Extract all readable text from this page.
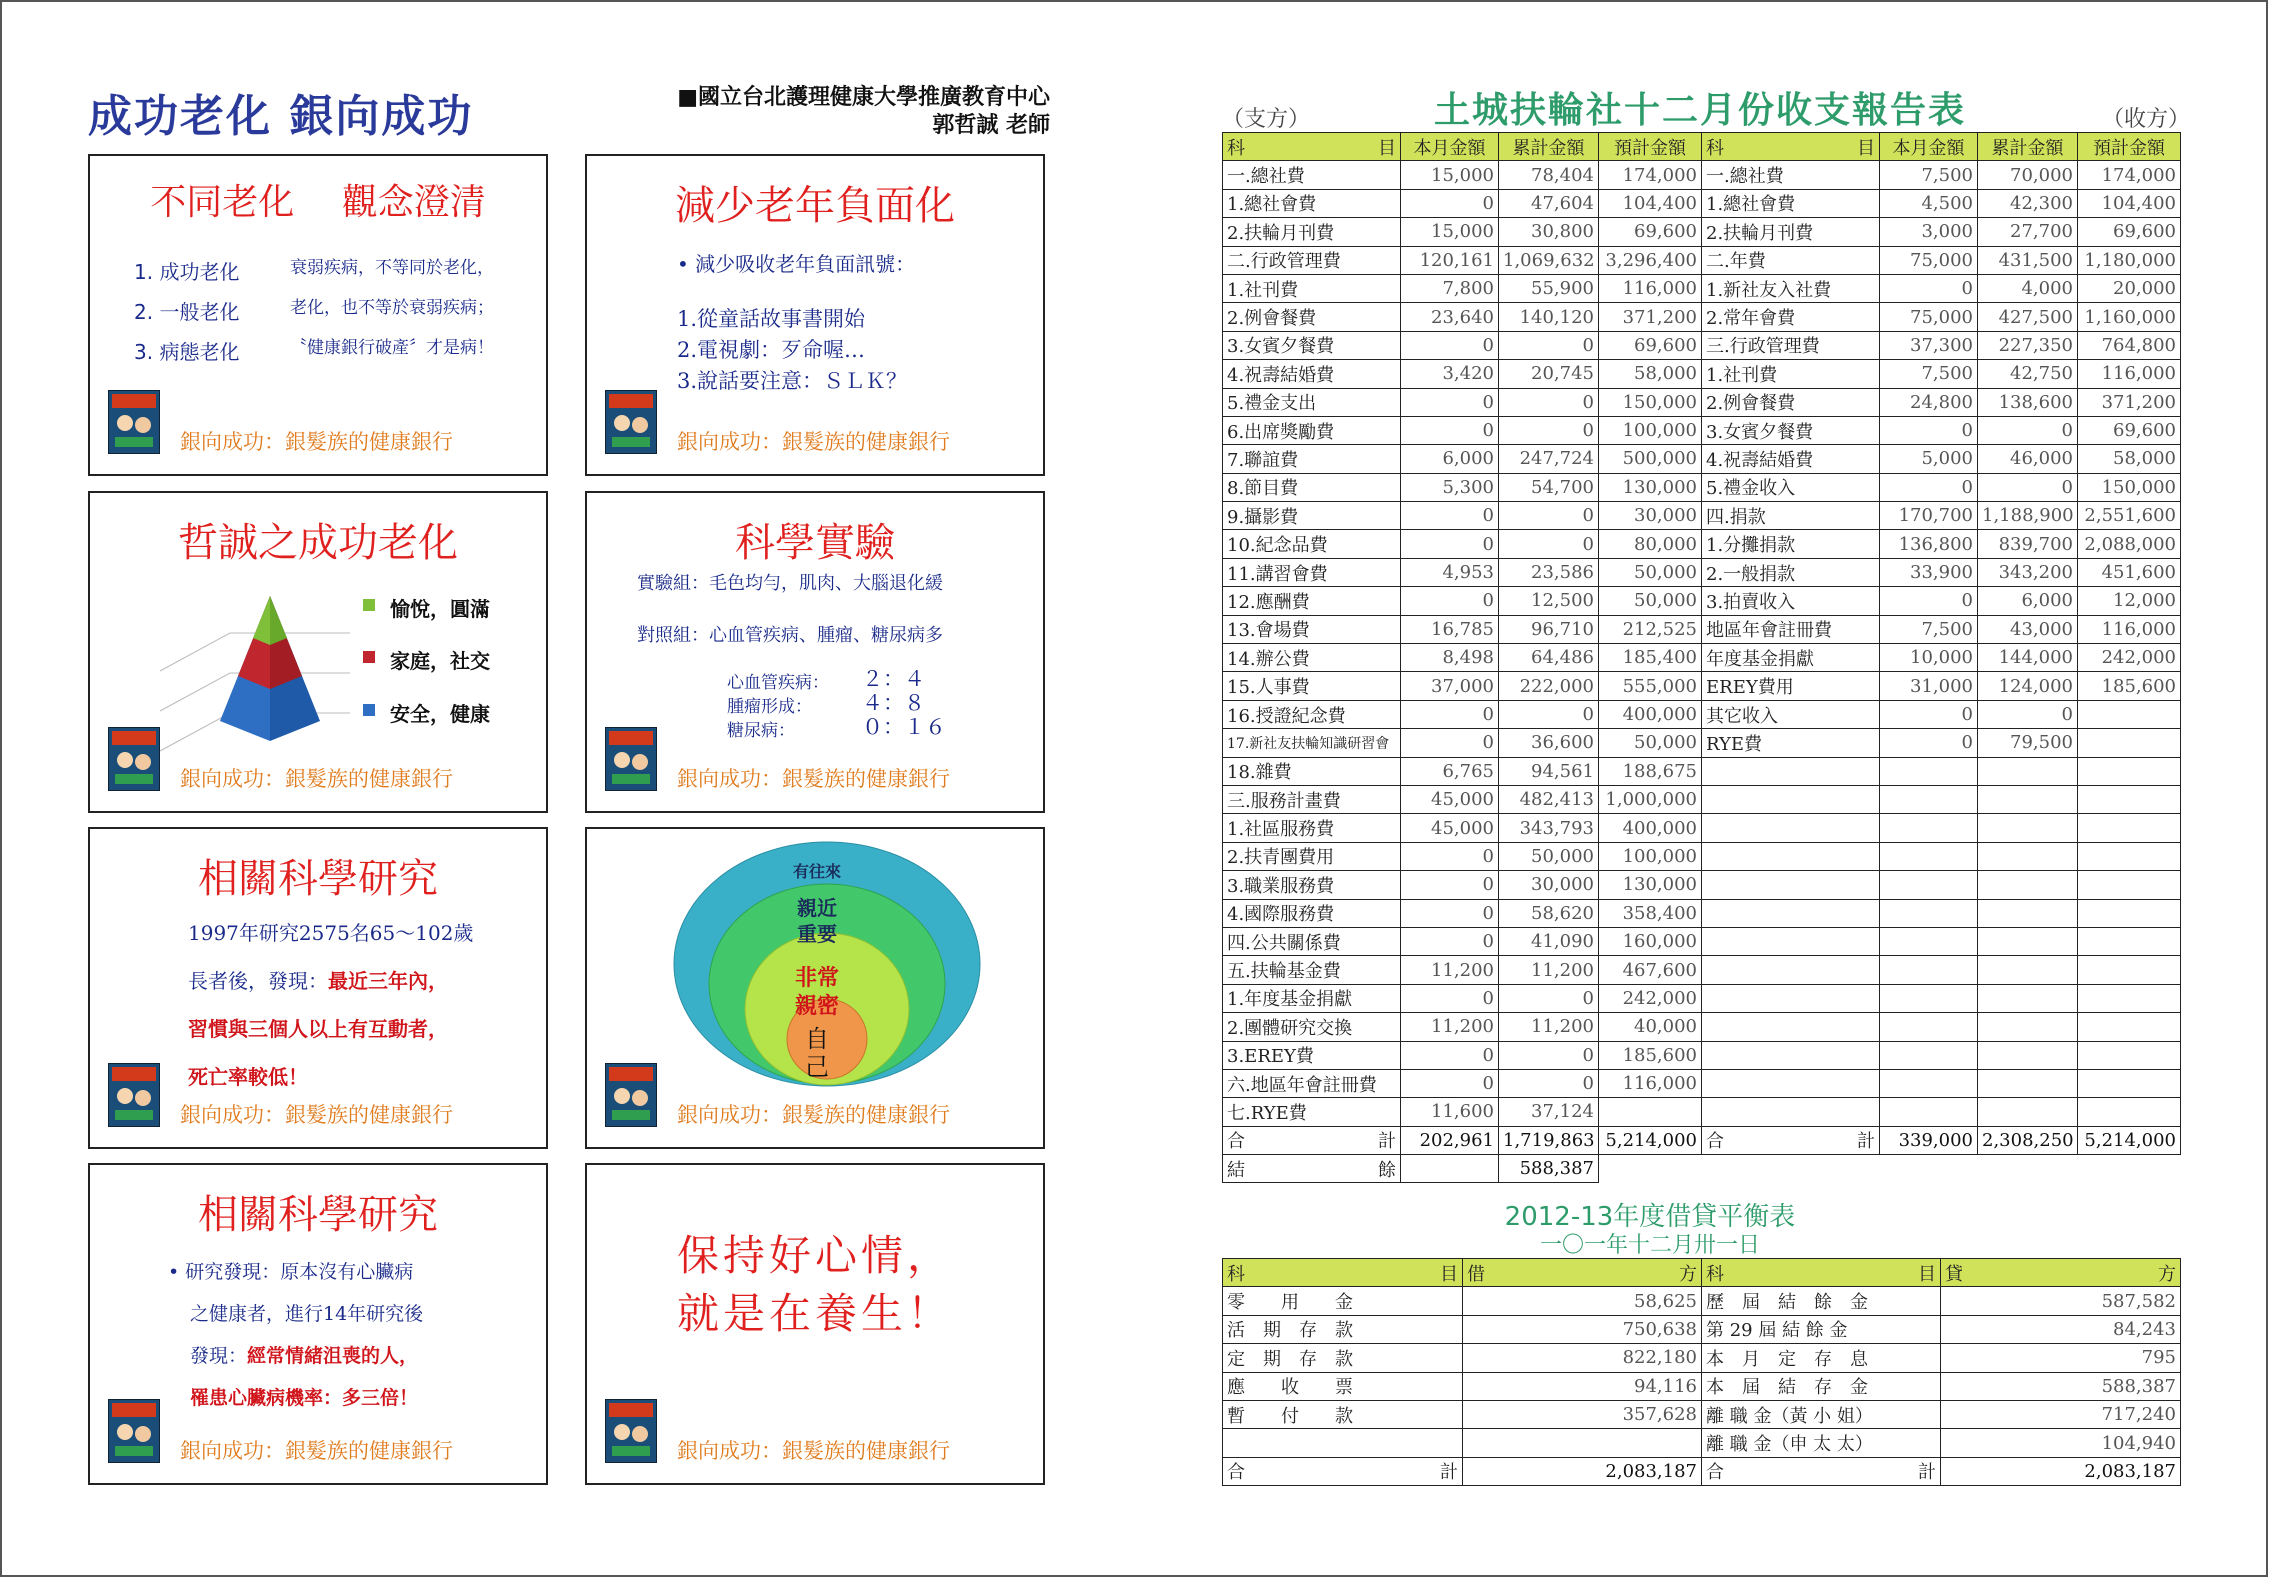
成功老化 銀向成功	■國立台北護理健康大學推廣教育中心
郭哲誠 老師
不同老化　 觀念澄清
1. 成功老化
2. 一般老化
3. 病態老化
衰弱疾病，不等同於老化，
老化，也不等於衰弱疾病；
〝健康銀行破產〞才是病！
銀向成功：銀髮族的健康銀行
減少老年負面化
• 減少吸收老年負面訊號：
1.從童話故事書開始
2.電視劇：歹命喔…
3.說話要注意：ＳＬＫ？
銀向成功：銀髮族的健康銀行
哲誠之成功老化
愉悅，圓滿
家庭，社交
安全，健康
銀向成功：銀髮族的健康銀行
科學實驗
實驗組：毛色均勻，肌肉、大腦退化緩
對照組：心血管疾病、腫瘤、糖尿病多
心血管疾病：
腫瘤形成：
糖尿病：
２：４
４：８
０：１６
銀向成功：銀髮族的健康銀行
相關科學研究
1997年研究2575名65～102歲
長者後，發現：最近三年內，
習慣與三個人以上有互動者，
死亡率較低！
銀向成功：銀髮族的健康銀行
有往來
親近
重要
非常
親密
自
己
銀向成功：銀髮族的健康銀行
相關科學研究
• 研究發現：原本沒有心臟病
之健康者，進行14年研究後
發現：經常情緒沮喪的人，
罹患心臟病機率：多三倍！
銀向成功：銀髮族的健康銀行
保持好心情，
就是在養生！
銀向成功：銀髮族的健康銀行
（支方）	土城扶輪社十二月份收支報告表	（收方）
科 目	本月金額	累計金額	預計金額	科 目	本月金額	累計金額	預計金額
一.總社費	15,000	78,404	174,000	一.總社費	7,500	70,000	174,000
1.總社會費	0	47,604	104,400	1.總社會費	4,500	42,300	104,400
2.扶輪月刊費	15,000	30,800	69,600	2.扶輪月刊費	3,000	27,700	69,600
二.行政管理費	120,161	1,069,632	3,296,400	二.年費	75,000	431,500	1,180,000
1.社刊費	7,800	55,900	116,000	1.新社友入社費	0	4,000	20,000
2.例會餐費	23,640	140,120	371,200	2.常年會費	75,000	427,500	1,160,000
3.女賓夕餐費	0	0	69,600	三.行政管理費	37,300	227,350	764,800
4.祝壽結婚費	3,420	20,745	58,000	1.社刊費	7,500	42,750	116,000
5.禮金支出	0	0	150,000	2.例會餐費	24,800	138,600	371,200
6.出席獎勵費	0	0	100,000	3.女賓夕餐費	0	0	69,600
7.聯誼費	6,000	247,724	500,000	4.祝壽結婚費	5,000	46,000	58,000
8.節目費	5,300	54,700	130,000	5.禮金收入	0	0	150,000
9.攝影費	0	0	30,000	四.捐款	170,700	1,188,900	2,551,600
10.紀念品費	0	0	80,000	1.分攤捐款	136,800	839,700	2,088,000
11.講習會費	4,953	23,586	50,000	2.一般捐款	33,900	343,200	451,600
12.應酬費	0	12,500	50,000	3.拍賣收入	0	6,000	12,000
13.會場費	16,785	96,710	212,525	地區年會註冊費	7,500	43,000	116,000
14.辦公費	8,498	64,486	185,400	年度基金捐獻	10,000	144,000	242,000
15.人事費	37,000	222,000	555,000	EREY費用	31,000	124,000	185,600
16.授證紀念費	0	0	400,000	其它收入	0	0	
17.新社友扶輪知識研習會	0	36,600	50,000	RYE費	0	79,500	
18.雜費	6,765	94,561	188,675				
三.服務計畫費	45,000	482,413	1,000,000				
1.社區服務費	45,000	343,793	400,000				
2.扶青團費用	0	50,000	100,000				
3.職業服務費	0	30,000	130,000				
4.國際服務費	0	58,620	358,400				
四.公共關係費	0	41,090	160,000				
五.扶輪基金費	11,200	11,200	467,600				
1.年度基金捐獻	0	0	242,000				
2.團體研究交換	11,200	11,200	40,000				
3.EREY費	0	0	185,600				
六.地區年會註冊費	0	0	116,000				
七.RYE費	11,600	37,124					

合 計	202,961	1,719,863	5,214,000	合 計	339,000	2,308,250	5,214,000

結 餘		588,387					
2012-13年度借貸平衡表
一〇一年十二月卅一日
科 目	借 方	科 目	貸 方

零　　用　　金	58,625	歷　屆　結　餘　金	587,582
活　期　存　款	750,638	第 29 屆 結 餘 金	84,243
定　期　存　款	822,180	本　月　定　存　息	795
應　　收　　票	94,116	本　屆　結　存　金	588,387
暫　　付　　款	357,628	離 職 金（黃 小 姐）	717,240
		離 職 金（申 太 太）	104,940

合 計	2,083,187	合 計	2,083,187
